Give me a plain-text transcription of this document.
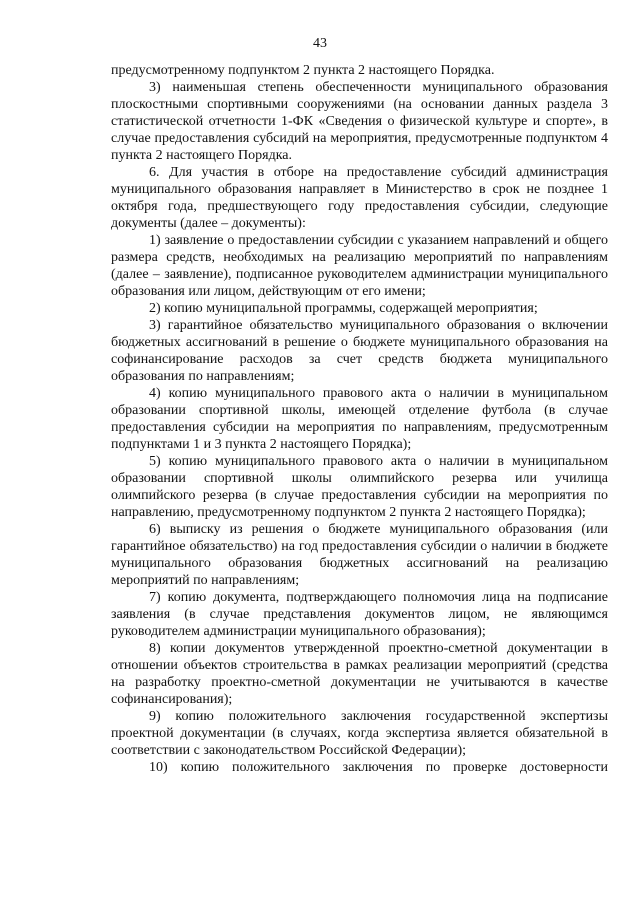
43

предусмотренному подпунктом 2 пункта 2 настоящего Порядка.

3) наименьшая степень обеспеченности муниципального образования плоскостными спортивными сооружениями (на основании данных раздела 3 статистической отчетности 1-ФК «Сведения о физической культуре и спорте», в случае предоставления субсидий на мероприятия, предусмотренные подпунктом 4 пункта 2 настоящего Порядка.

6. Для участия в отборе на предоставление субсидий администрация муниципального образования направляет в Министерство в срок не позднее 1 октября года, предшествующего году предоставления субсидии, следующие документы (далее – документы):

1) заявление о предоставлении субсидии с указанием направлений и общего размера средств, необходимых на реализацию мероприятий по направлениям (далее – заявление), подписанное руководителем администрации муниципального образования или лицом, действующим от его имени;

2) копию муниципальной программы, содержащей мероприятия;

3) гарантийное обязательство муниципального образования о включении бюджетных ассигнований в решение о бюджете муниципального образования на софинансирование расходов за счет средств бюджета муниципального образования по направлениям;

4) копию муниципального правового акта о наличии в муниципальном образовании спортивной школы, имеющей отделение футбола (в случае предоставления субсидии на мероприятия по направлениям, предусмотренным подпунктами 1 и 3 пункта 2 настоящего Порядка);

5) копию муниципального правового акта о наличии в муниципальном образовании спортивной школы олимпийского резерва или училища олимпийского резерва (в случае предоставления субсидии на мероприятия по направлению, предусмотренному подпунктом 2 пункта 2 настоящего Порядка);

6) выписку из решения о бюджете муниципального образования (или гарантийное обязательство) на год предоставления субсидии о наличии в бюджете муниципального образования бюджетных ассигнований на реализацию мероприятий по направлениям;

7) копию документа, подтверждающего полномочия лица на подписание заявления (в случае представления документов лицом, не являющимся руководителем администрации муниципального образования);

8) копии документов утвержденной проектно-сметной документации в отношении объектов строительства в рамках реализации мероприятий (средства на разработку проектно-сметной документации не учитываются в качестве софинансирования);

9) копию положительного заключения государственной экспертизы проектной документации (в случаях, когда экспертиза является обязательной в соответствии с законодательством Российской Федерации);

10) копию положительного заключения по проверке достоверности
